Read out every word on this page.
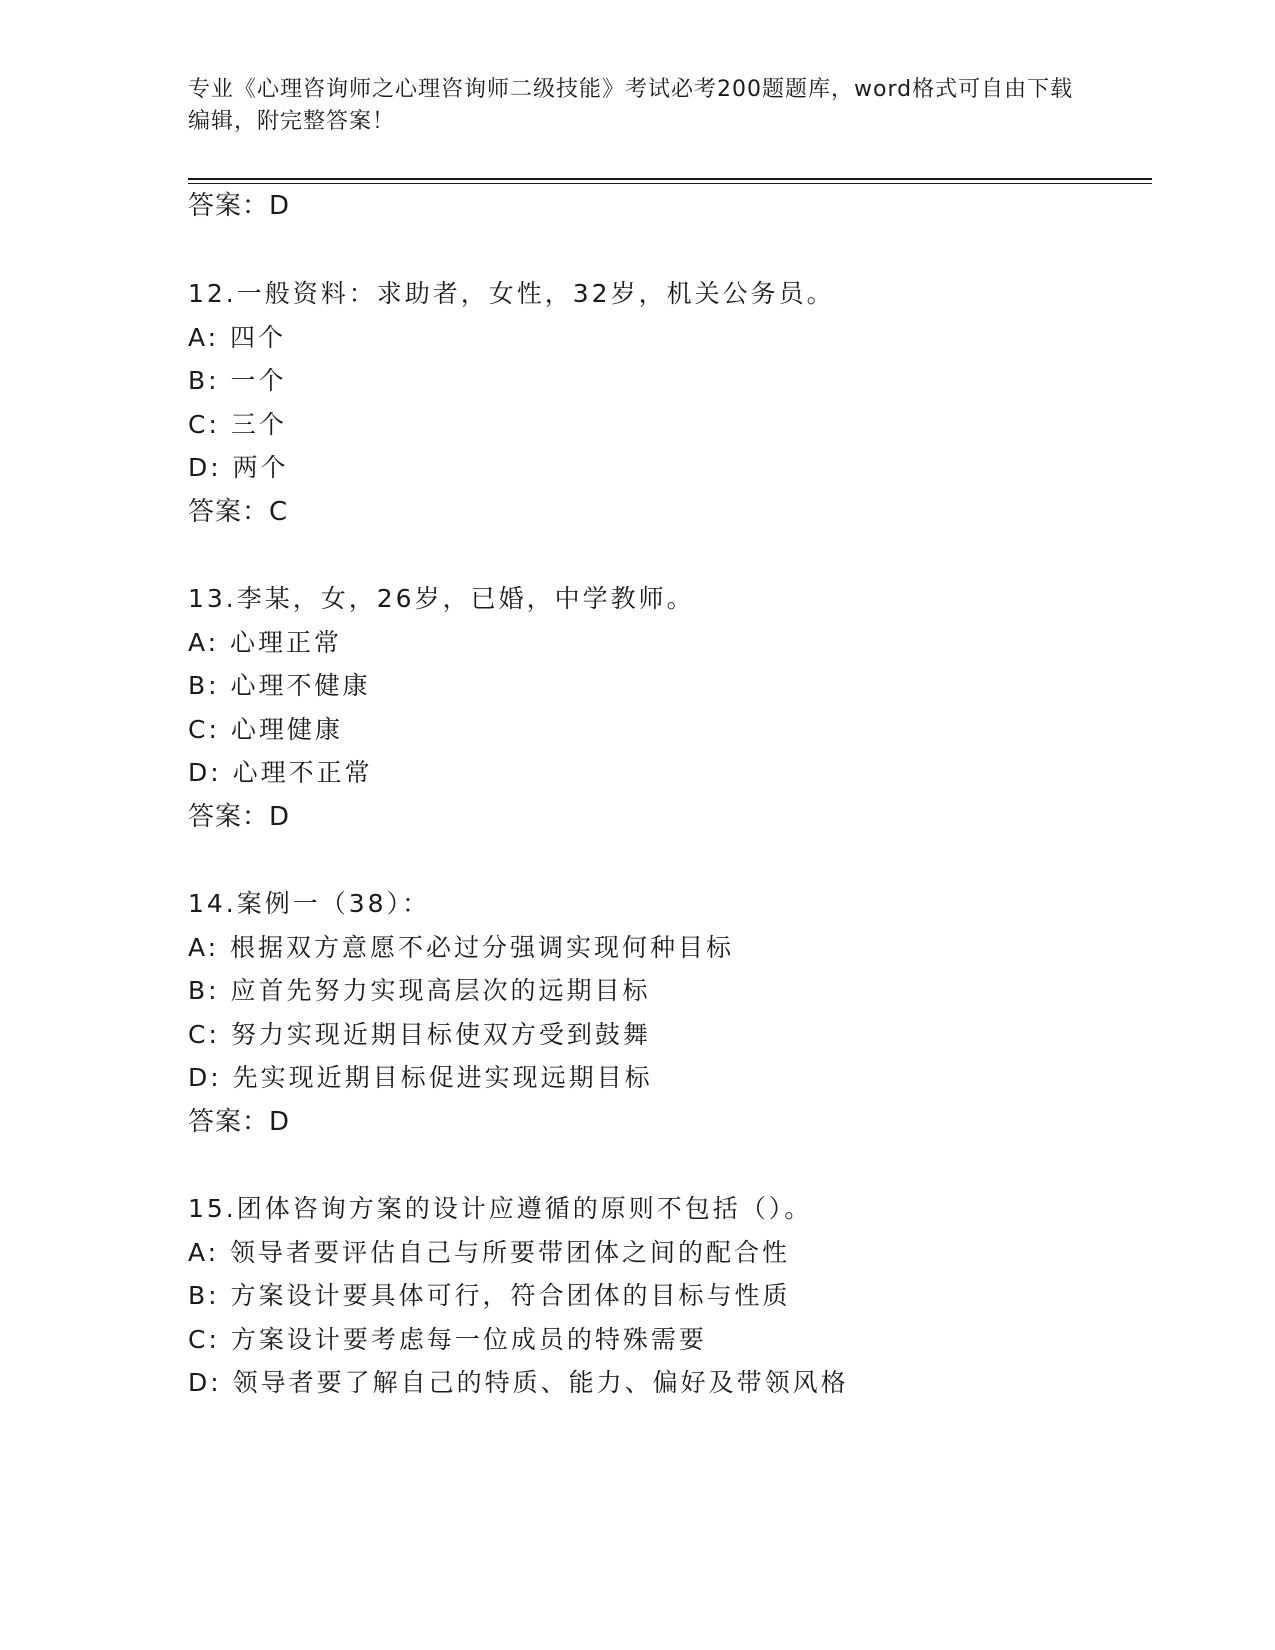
专业《心理咨询师之心理咨询师二级技能》考试必考200题题库，word格式可自由下载编辑，附完整答案！
答案：D
12.一般资料：求助者，女性，32岁，机关公务员。
A: 四个
B: 一个
C: 三个
D: 两个
答案：C
13.李某，女，26岁，已婚，中学教师。
A: 心理正常
B: 心理不健康
C: 心理健康
D: 心理不正常
答案：D
14.案例一（38）：
A: 根据双方意愿不必过分强调实现何种目标
B: 应首先努力实现高层次的远期目标
C: 努力实现近期目标使双方受到鼓舞
D: 先实现近期目标促进实现远期目标
答案：D
15.团体咨询方案的设计应遵循的原则不包括（）。
A: 领导者要评估自己与所要带团体之间的配合性
B: 方案设计要具体可行，符合团体的目标与性质
C: 方案设计要考虑每一位成员的特殊需要
D: 领导者要了解自己的特质、能力、偏好及带领风格
